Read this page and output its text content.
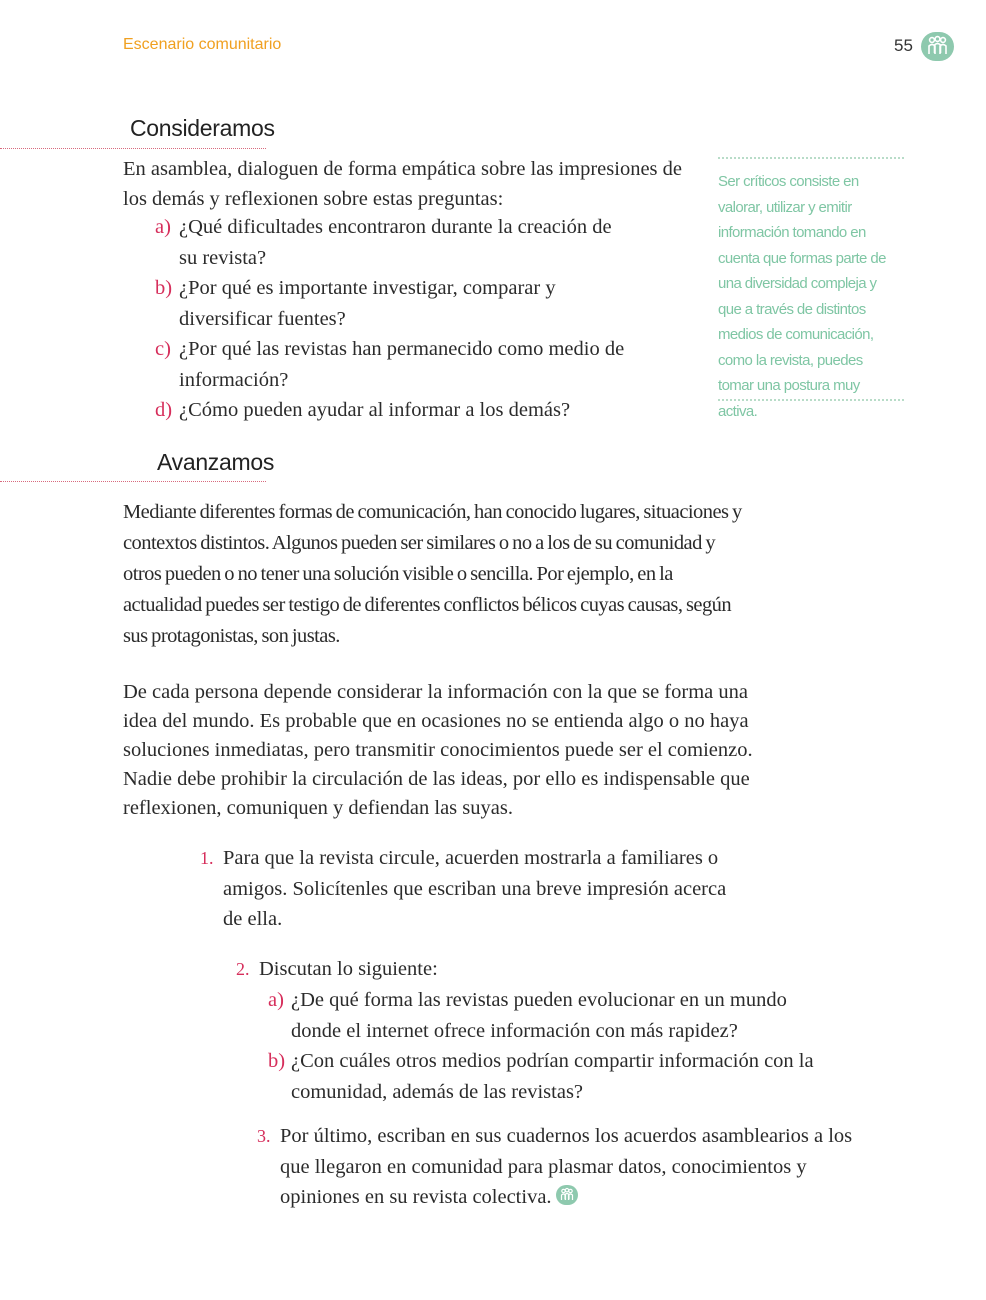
Escenario comunitario	55
Consideramos
En asamblea, dialoguen de forma empática sobre las impresiones de los demás y reflexionen sobre estas preguntas:
a) ¿Qué dificultades encontraron durante la creación de su revista?
b) ¿Por qué es importante investigar, comparar y diversificar fuentes?
c) ¿Por qué las revistas han permanecido como medio de información?
d) ¿Cómo pueden ayudar al informar a los demás?
Ser críticos consiste en valorar, utilizar y emitir información tomando en cuenta que formas parte de una diversidad compleja y que a través de distintos medios de comunicación, como la revista, puedes tomar una postura muy activa.
Avanzamos
Mediante diferentes formas de comunicación, han conocido lugares, situaciones y contextos distintos. Algunos pueden ser similares o no a los de su comunidad y otros pueden o no tener una solución visible o sencilla. Por ejemplo, en la actualidad puedes ser testigo de diferentes conflictos bélicos cuyas causas, según sus protagonistas, son justas.
De cada persona depende considerar la información con la que se forma una idea del mundo. Es probable que en ocasiones no se entienda algo o no haya soluciones inmediatas, pero transmitir conocimientos puede ser el comienzo. Nadie debe prohibir la circulación de las ideas, por ello es indispensable que reflexionen, comuniquen y defiendan las suyas.
1. Para que la revista circule, acuerden mostrarla a familiares o amigos. Solicítenles que escriban una breve impresión acerca de ella.
2. Discutan lo siguiente:
a) ¿De qué forma las revistas pueden evolucionar en un mundo donde el internet ofrece información con más rapidez?
b) ¿Con cuáles otros medios podrían compartir información con la comunidad, además de las revistas?
3. Por último, escriban en sus cuadernos los acuerdos asamblearios a los que llegaron en comunidad para plasmar datos, conocimientos y opiniones en su revista colectiva.
